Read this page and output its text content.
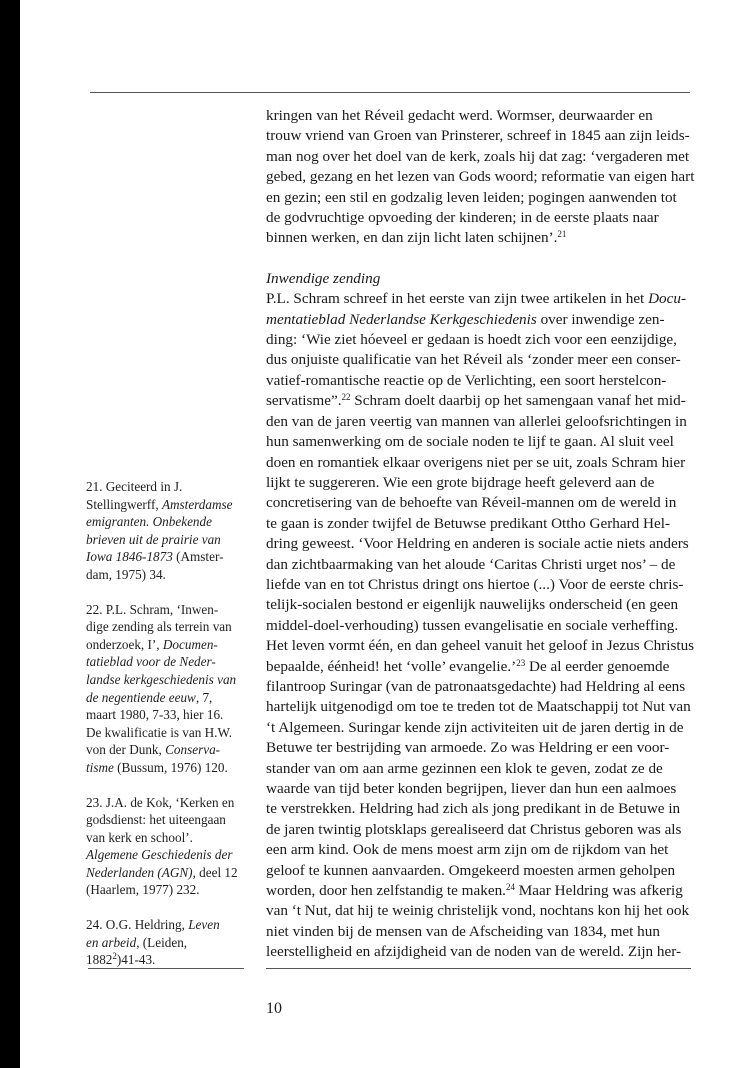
kringen van het Réveil gedacht werd. Wormser, deurwaarder en
trouw vriend van Groen van Prinsterer, schreef in 1845 aan zijn leids-
man nog over het doel van de kerk, zoals hij dat zag: ‘vergaderen met
gebed, gezang en het lezen van Gods woord; reformatie van eigen hart
en gezin; een stil en godzalig leven leiden; pogingen aanwenden tot
de godvruchtige opvoeding der kinderen; in de eerste plaats naar
binnen werken, en dan zijn licht laten schijnen’.$^{21}$
Inwendige zending
P.L. Schram schreef in het eerste van zijn twee artikelen in het Docu-
mentatieblad Nederlandse Kerkgeschiedenis over inwendige zen-
ding: ‘Wie ziet hóeveel er gedaan is hoedt zich voor een eenzijdige,
dus onjuiste qualificatie van het Réveil als ‘zonder meer een conser-
vatief-romantische reactie op de Verlichting, een soort herstelcon-
servatisme”.$^{22}$ Schram doelt daarbij op het samengaan vanaf het mid-
den van de jaren veertig van mannen van allerlei geloofsrichtingen in
hun samenwerking om de sociale noden te lijf te gaan. Al sluit veel
doen en romantiek elkaar overigens niet per se uit, zoals Schram hier
lijkt te suggereren. Wie een grote bijdrage heeft geleverd aan de
concretisering van de behoefte van Réveil-mannen om de wereld in
te gaan is zonder twijfel de Betuwse predikant Ottho Gerhard Hel-
dring geweest. ‘Voor Heldring en anderen is sociale actie niets anders
dan zichtbaarmaking van het aloude ‘Caritas Christi urget nos’ – de
liefde van en tot Christus dringt ons hiertoe (...) Voor de eerste chris-
telijk-socialen bestond er eigenlijk nauwelijks onderscheid (en geen
middel-doel-verhouding) tussen evangelisatie en sociale verheffing.
Het leven vormt één, en dan geheel vanuit het geloof in Jezus Christus
bepaalde, éénheid! het ‘volle’ evangelie.’$^{23}$ De al eerder genoemde
filantroop Suringar (van de patronaatsgedachte) had Heldring al eens
hartelijk uitgenodigd om toe te treden tot de Maatschappij tot Nut van
‘t Algemeen. Suringar kende zijn activiteiten uit de jaren dertig in de
Betuwe ter bestrijding van armoede. Zo was Heldring er een voor-
stander van om aan arme gezinnen een klok te geven, zodat ze de
waarde van tijd beter konden begrijpen, liever dan hun een aalmoes
te verstrekken. Heldring had zich als jong predikant in de Betuwe in
de jaren twintig plotsklaps gerealiseerd dat Christus geboren was als
een arm kind. Ook de mens moest arm zijn om de rijkdom van het
geloof te kunnen aanvaarden. Omgekeerd moesten armen geholpen
worden, door hen zelfstandig te maken.$^{24}$ Maar Heldring was afkerig
van ‘t Nut, dat hij te weinig christelijk vond, nochtans kon hij het ook
niet vinden bij de mensen van de Afscheiding van 1834, met hun
leerstelligheid en afzijdigheid van de noden van de wereld. Zijn her-
21. Geciteerd in J.
Stellingwerff, Amsterdamse
emigranten. Onbekende
brieven uit de prairie van
Iowa 1846-1873 (Amster-
dam, 1975) 34.
22. P.L. Schram, ‘Inwen-
dige zending als terrein van
onderzoek, I’, Documen-
tatieblad voor de Neder-
landse kerkgeschiedenis van
de negentiende eeuw, 7,
maart 1980, 7-33, hier 16.
De kwalificatie is van H.W.
von der Dunk, Conserva-
tisme (Bussum, 1976) 120.
23. J.A. de Kok, ‘Kerken en
godsdienst: het uiteengaan
van kerk en school’.
Algemene Geschiedenis der
Nederlanden (AGN), deel 12
(Haarlem, 1977) 232.
24. O.G. Heldring, Leven
en arbeid, (Leiden,
1882$^2$)41-43.
10
